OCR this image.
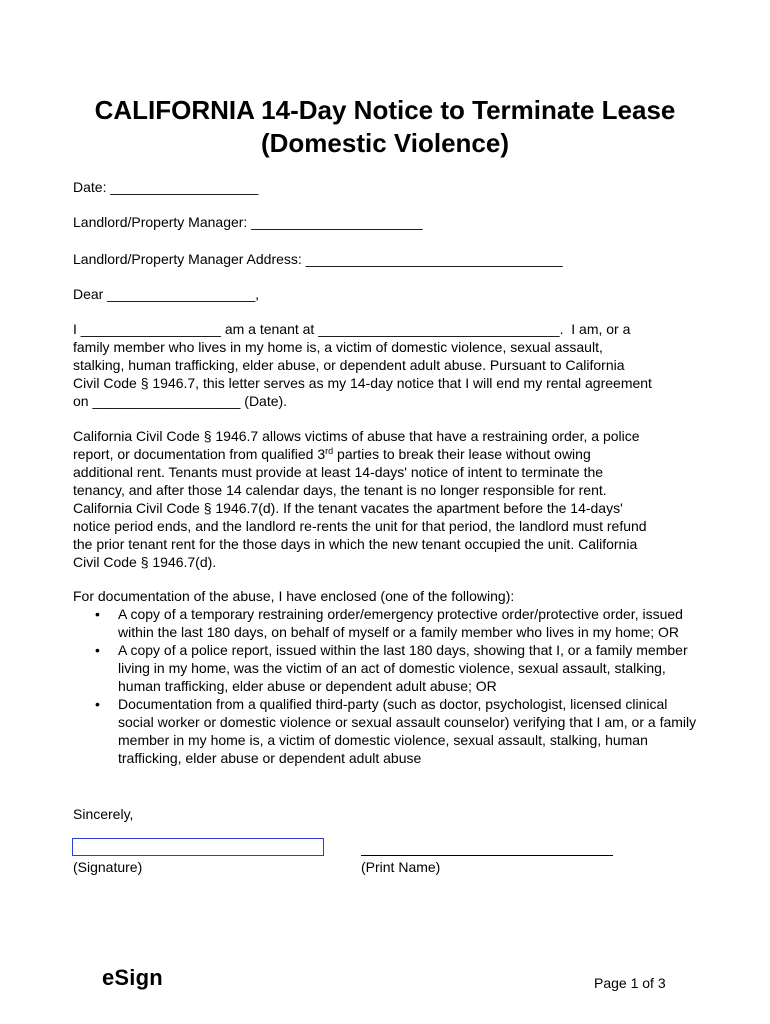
CALIFORNIA 14-Day Notice to Terminate Lease
(Domestic Violence)
Date: ___________________
Landlord/Property Manager: ______________________
Landlord/Property Manager Address: _________________________________
Dear ___________________,
I __________________ am a tenant at _______________________________.  I am, or a
family member who lives in my home is, a victim of domestic violence, sexual assault,
stalking, human trafficking, elder abuse, or dependent adult abuse. Pursuant to California
Civil Code § 1946.7, this letter serves as my 14-day notice that I will end my rental agreement
on ___________________ (Date).
California Civil Code § 1946.7 allows victims of abuse that have a restraining order, a police
report, or documentation from qualified 3rd parties to break their lease without owing
additional rent. Tenants must provide at least 14-days' notice of intent to terminate the
tenancy, and after those 14 calendar days, the tenant is no longer responsible for rent.
California Civil Code § 1946.7(d). If the tenant vacates the apartment before the 14-days'
notice period ends, and the landlord re-rents the unit for that period, the landlord must refund
the prior tenant rent for the those days in which the new tenant occupied the unit. California
Civil Code § 1946.7(d).
For documentation of the abuse, I have enclosed (one of the following):
• A copy of a temporary restraining order/emergency protective order/protective order, issued within the last 180 days, on behalf of myself or a family member who lives in my home; OR
• A copy of a police report, issued within the last 180 days, showing that I, or a family member living in my home, was the victim of an act of domestic violence, sexual assault, stalking, human trafficking, elder abuse or dependent adult abuse; OR
• Documentation from a qualified third-party (such as doctor, psychologist, licensed clinical social worker or domestic violence or sexual assault counselor) verifying that I am, or a family member in my home is, a victim of domestic violence, sexual assault, stalking, human trafficking, elder abuse or dependent adult abuse
Sincerely,
(Signature)	(Print Name)
eSign	Page 1 of 3
